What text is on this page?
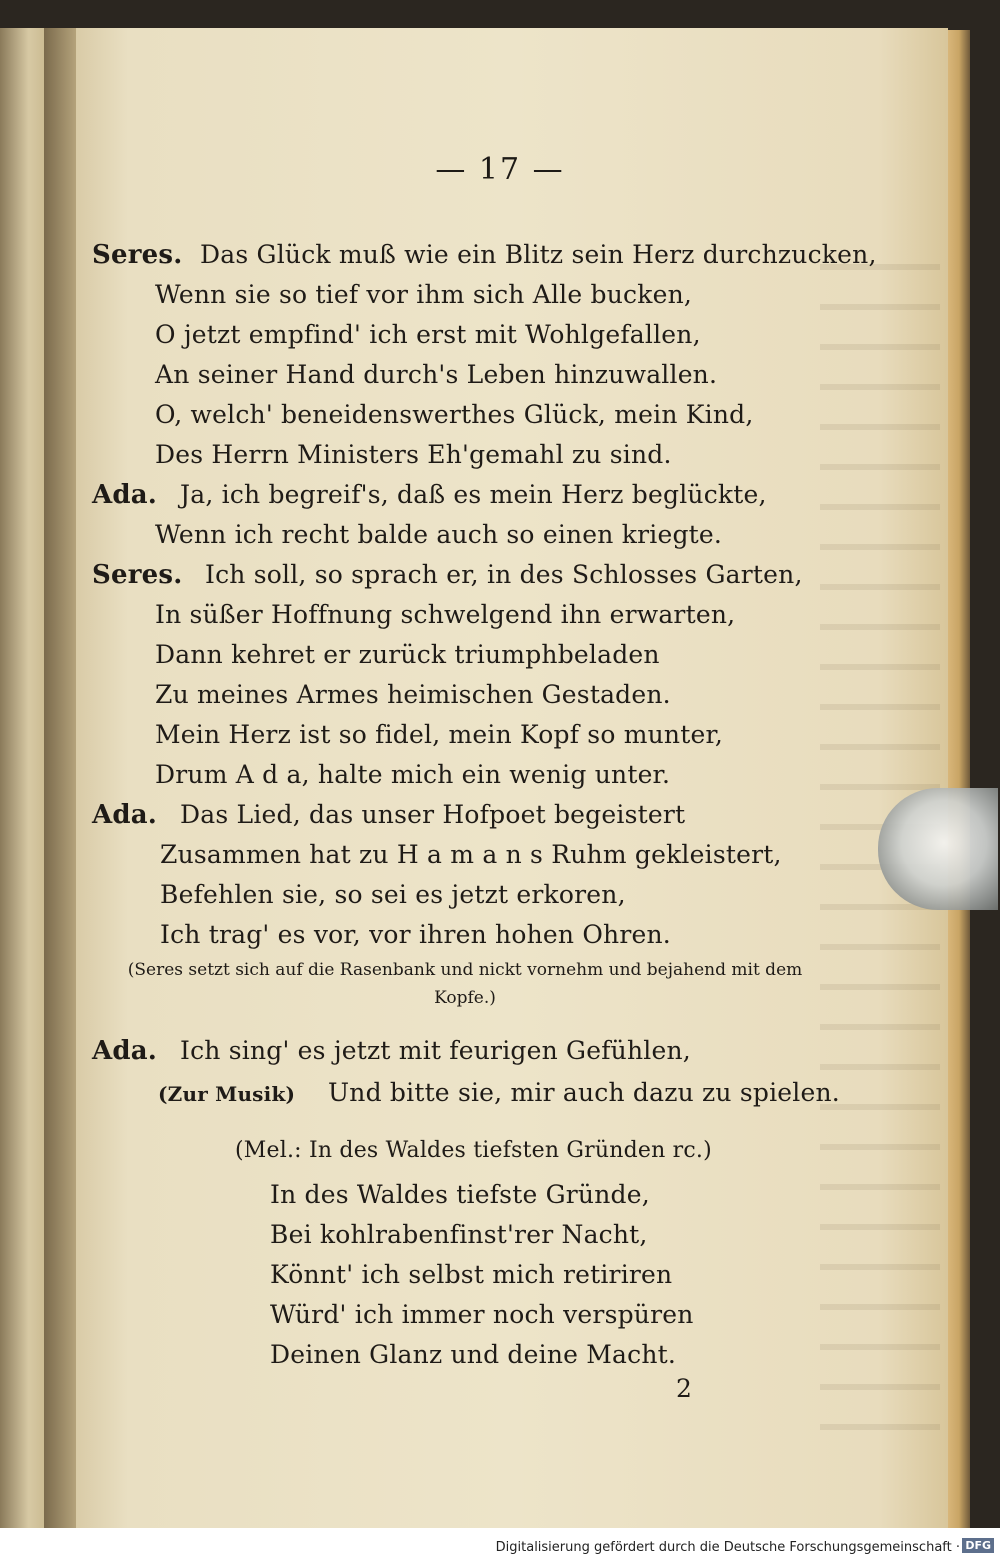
— 17 —
Seres. Das Glück muß wie ein Blitz sein Herz durchzucken,
Wenn sie so tief vor ihm sich Alle bucken,
O jetzt empfind' ich erst mit Wohlgefallen,
An seiner Hand durch's Leben hinzuwallen.
O, welch' beneidenswerthes Glück, mein Kind,
Des Herrn Ministers Eh'gemahl zu sind.
Ada. Ja, ich begreif's, daß es mein Herz beglückte,
Wenn ich recht balde auch so einen kriegte.
Seres. Ich soll, so sprach er, in des Schlosses Garten,
In süßer Hoffnung schwelgend ihn erwarten,
Dann kehret er zurück triumphbeladen
Zu meines Armes heimischen Gestaden.
Mein Herz ist so fidel, mein Kopf so munter,
Drum A d a, halte mich ein wenig unter.
Ada. Das Lied, das unser Hofpoet begeistert
Zusammen hat zu H a m a n s Ruhm gekleistert,
Befehlen sie, so sei es jetzt erkoren,
Ich trag' es vor, vor ihren hohen Ohren.
(Seres setzt sich auf die Rasenbank und nickt vornehm und bejahend mit dem Kopfe.)
Ada. Ich sing' es jetzt mit feurigen Gefühlen,
(Zur Musik) Und bitte sie, mir auch dazu zu spielen.
(Mel.: In des Waldes tiefsten Gründen rc.)
In des Waldes tiefste Gründe,
Bei kohlrabenfinst'rer Nacht,
Könnt' ich selbst mich retiriren
Würd' ich immer noch verspüren
Deinen Glanz und deine Macht.
2
Digitalisierung gefördert durch die Deutsche Forschungsgemeinschaft · DFG
